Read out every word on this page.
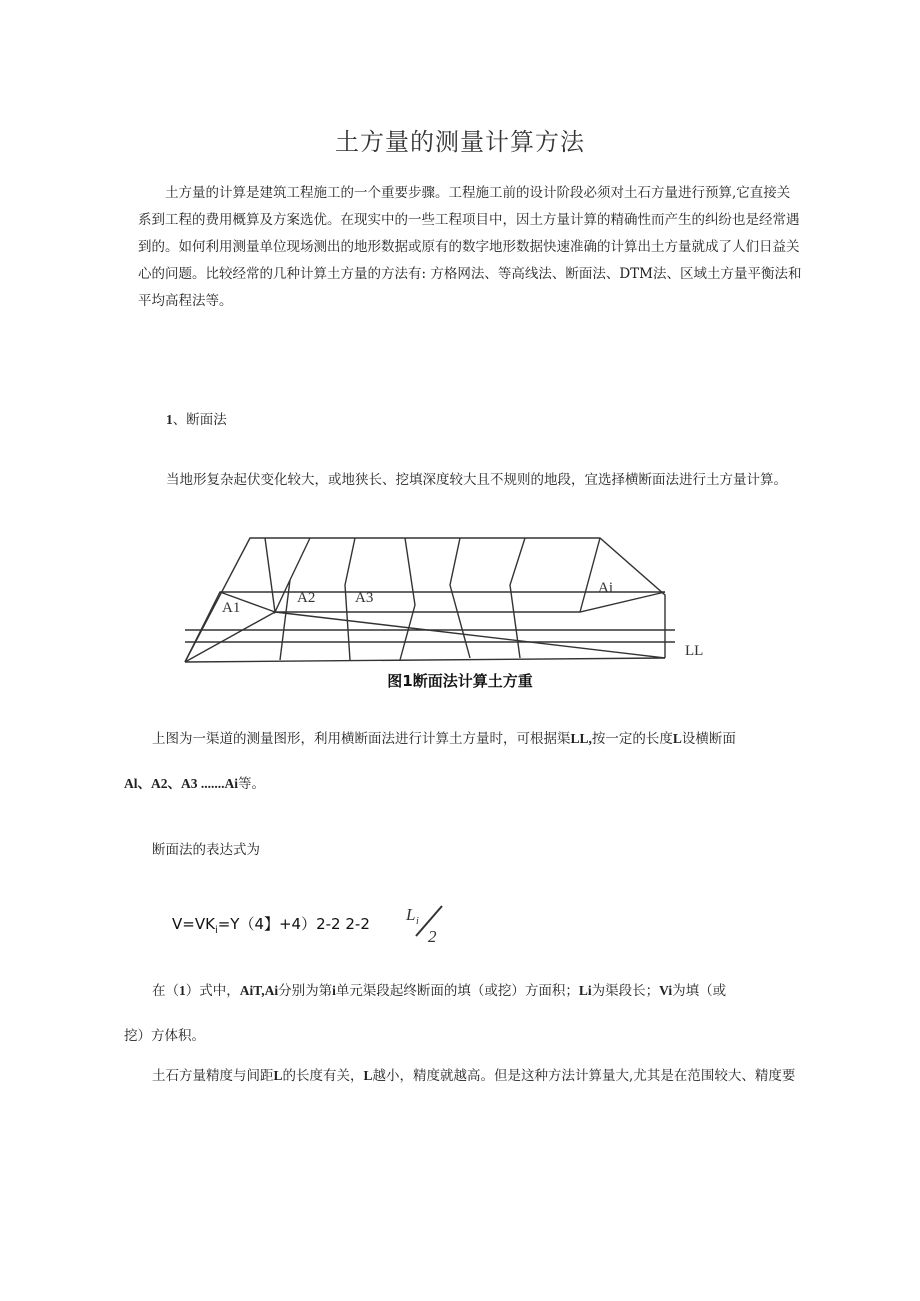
土方量的测量计算方法

土方量的计算是建筑工程施工的一个重要步骤。工程施工前的设计阶段必须对土石方量进行预算,它直接关

系到工程的费用概算及方案选优。在现实中的一些工程项目中，因土方量计算的精确性而产生的纠纷也是经常遇

到的。如何利用测量单位现场测出的地形数据或原有的数字地形数据快速准确的计算出土方量就成了人们日益关

心的问题。比较经常的几种计算土方量的方法有: 方格网法、等高线法、断面法、DTM法、区域土方量平衡法和

平均高程法等。

1、断面法
当地形复杂起伏变化较大，或地狭长、挖填深度较大且不规则的地段，宜选择横断面法进行土方量计算。
A1
A2	A3
Ai
LL
图1断面法计算土方重
上图为一渠道的测量图形，利用横断面法进行计算土方量时，可根据渠LL,按一定的长度L设横断面
Al、A2、A3 .......Ai等。
断面法的表达式为
$V=VK_i=Y(4$】+4）2-2 2-2 L i
2
在（1）式中，AiT,Ai分别为第i单元渠段起终断面的填（或挖）方面积；Li为渠段长；Vi为填（或
挖）方体积。
土石方量精度与间距L的长度有关，L越小，精度就越高。但是这种方法计算量大,尤其是在范围较大、精度要
